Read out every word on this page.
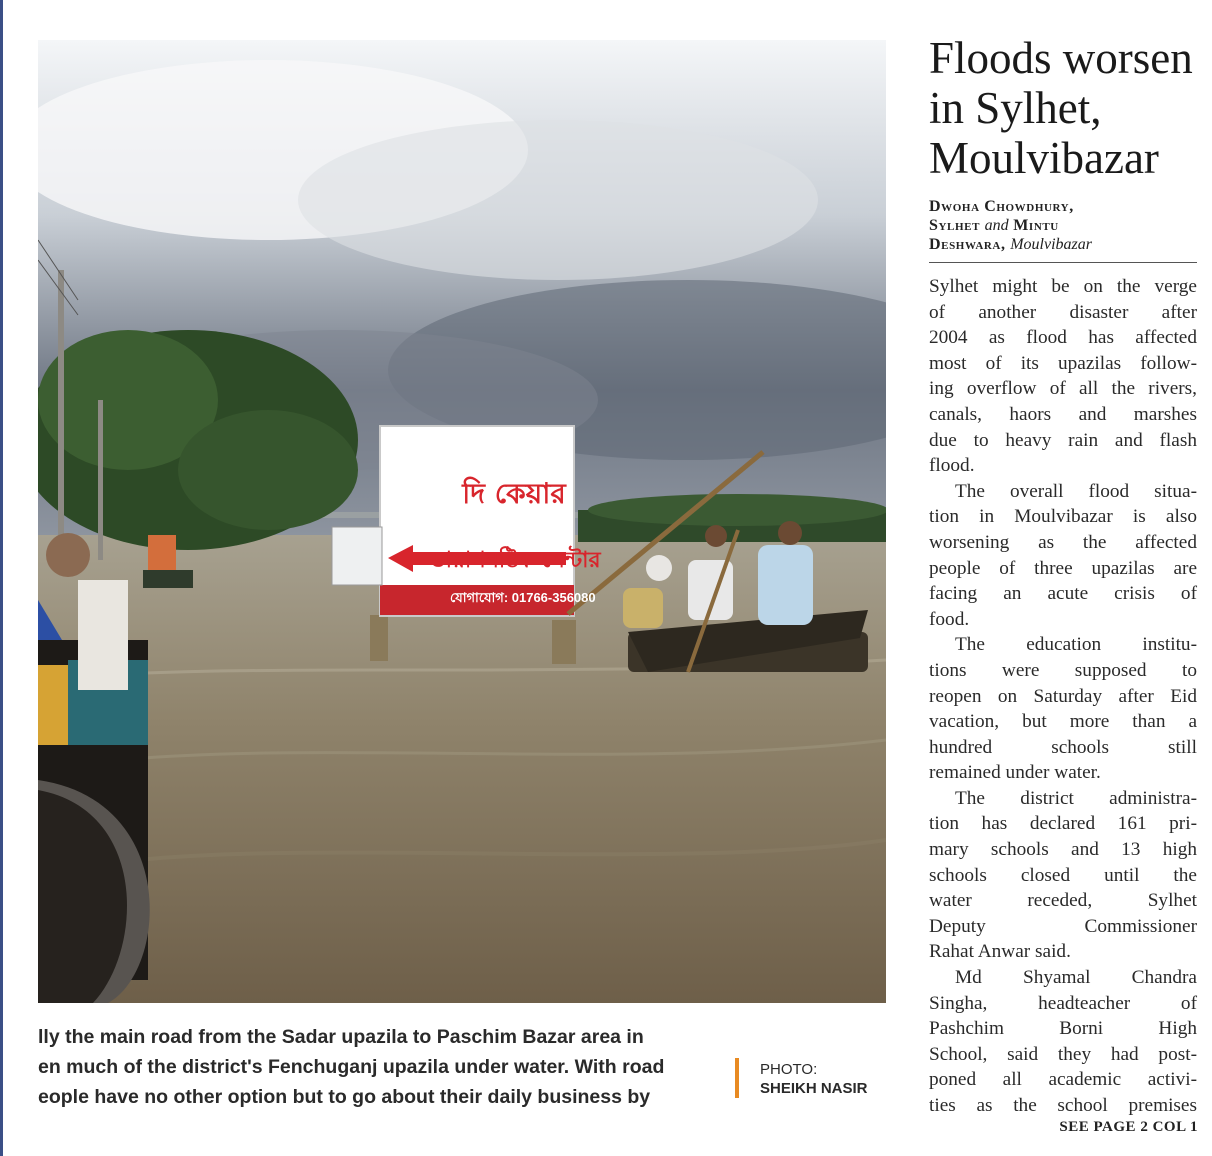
দি কেয়ার
ডায়াগনষ্টিক সেন্টার
যোগাযোগ: 01766-356080
lly the main road from the Sadar upazila to Paschim Bazar area in
en much of the district's Fenchuganj upazila under water. With road
eople have no other option but to go about their daily business by
PHOTO:
SHEIKH NASIR
Floods worsen
in Sylhet,
Moulvibazar
Dwoha Chowdhury,
Sylhet and Mintu
Deshwara, Moulvibazar
Sylhet might be on the verge
of another disaster after
2004 as flood has affected
most of its upazilas follow-
ing overflow of all the rivers,
canals, haors and marshes
due to heavy rain and flash
flood.
The overall flood situa-
tion in Moulvibazar is also
worsening as the affected
people of three upazilas are
facing an acute crisis of
food.
The education institu-
tions were supposed to
reopen on Saturday after Eid
vacation, but more than a
hundred schools still
remained under water.
The district administra-
tion has declared 161 pri-
mary schools and 13 high
schools closed until the
water receded, Sylhet
Deputy Commissioner
Rahat Anwar said.
Md Shyamal Chandra
Singha, headteacher of
Pashchim Borni High
School, said they had post-
poned all academic activi-
ties as the school premises
SEE PAGE 2 COL 1
